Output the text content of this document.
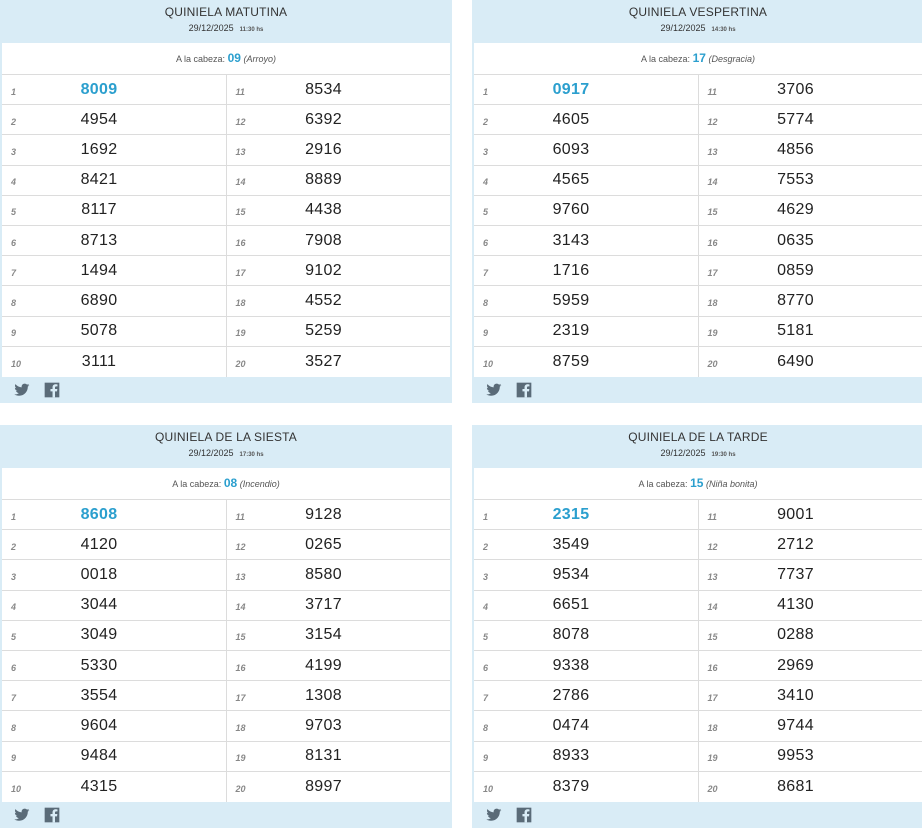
QUINIELA MATUTINA
29/12/2025 11:30 hs
A la cabeza: 09 (Arroyo)
1	8009
2	4954
3	1692
4	8421
5	8117
6	8713
7	1494
8	6890
9	5078
10	3111
11	8534
12	6392
13	2916
14	8889
15	4438
16	7908
17	9102
18	4552
19	5259
20	3527
QUINIELA VESPERTINA
29/12/2025 14:30 hs
A la cabeza: 17 (Desgracia)
1	0917
2	4605
3	6093
4	4565
5	9760
6	3143
7	1716
8	5959
9	2319
10	8759
11	3706
12	5774
13	4856
14	7553
15	4629
16	0635
17	0859
18	8770
19	5181
20	6490
QUINIELA DE LA SIESTA
29/12/2025 17:30 hs
A la cabeza: 08 (Incendio)
1	8608
2	4120
3	0018
4	3044
5	3049
6	5330
7	3554
8	9604
9	9484
10	4315
11	9128
12	0265
13	8580
14	3717
15	3154
16	4199
17	1308
18	9703
19	8131
20	8997
QUINIELA DE LA TARDE
29/12/2025 19:30 hs
A la cabeza: 15 (Niña bonita)
1	2315
2	3549
3	9534
4	6651
5	8078
6	9338
7	2786
8	0474
9	8933
10	8379
11	9001
12	2712
13	7737
14	4130
15	0288
16	2969
17	3410
18	9744
19	9953
20	8681
